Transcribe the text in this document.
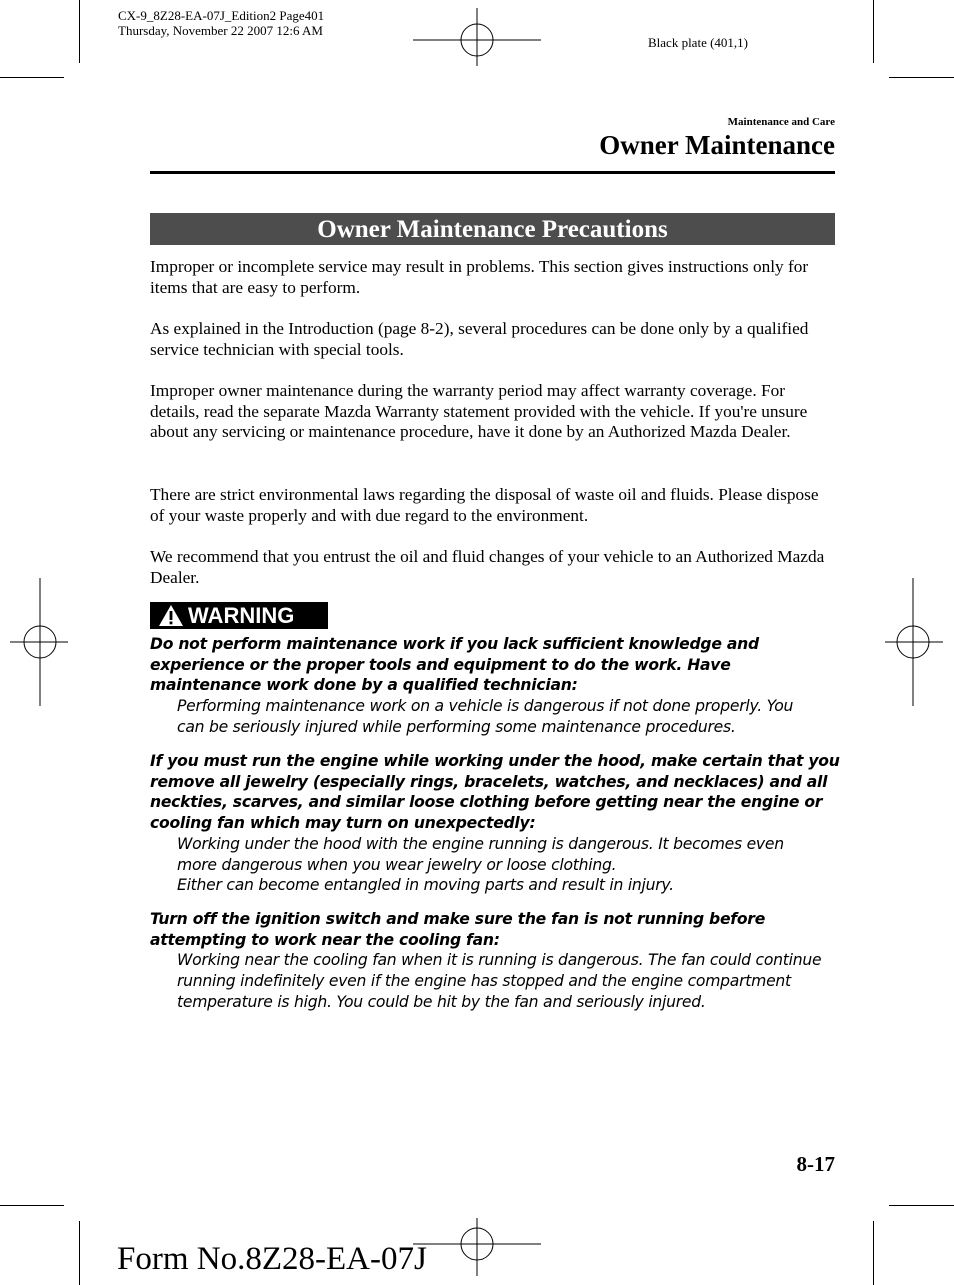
CX-9_8Z28-EA-07J_Edition2 Page401
Thursday, November 22 2007 12:6 AM
Black plate (401,1)
Maintenance and Care
Owner Maintenance
Owner Maintenance Precautions

Improper or incomplete service may result in problems. This section gives instructions only for items that are easy to perform.

As explained in the Introduction (page 8-2), several procedures can be done only by a qualified service technician with special tools.

Improper owner maintenance during the warranty period may affect warranty coverage. For details, read the separate Mazda Warranty statement provided with the vehicle. If you're unsure about any servicing or maintenance procedure, have it done by an Authorized Mazda Dealer.

There are strict environmental laws regarding the disposal of waste oil and fluids. Please dispose of your waste properly and with due regard to the environment.

We recommend that you entrust the oil and fluid changes of your vehicle to an Authorized Mazda Dealer.

WARNING
Do not perform maintenance work if you lack sufficient knowledge and experience or the proper tools and equipment to do the work. Have maintenance work done by a qualified technician:
Performing maintenance work on a vehicle is dangerous if not done properly. You can be seriously injured while performing some maintenance procedures.
If you must run the engine while working under the hood, make certain that you remove all jewelry (especially rings, bracelets, watches, and necklaces) and all neckties, scarves, and similar loose clothing before getting near the engine or cooling fan which may turn on unexpectedly:
Working under the hood with the engine running is dangerous. It becomes even more dangerous when you wear jewelry or loose clothing.
Either can become entangled in moving parts and result in injury.
Turn off the ignition switch and make sure the fan is not running before attempting to work near the cooling fan:
Working near the cooling fan when it is running is dangerous. The fan could continue running indefinitely even if the engine has stopped and the engine compartment temperature is high. You could be hit by the fan and seriously injured.
8-17
Form No.8Z28-EA-07J
